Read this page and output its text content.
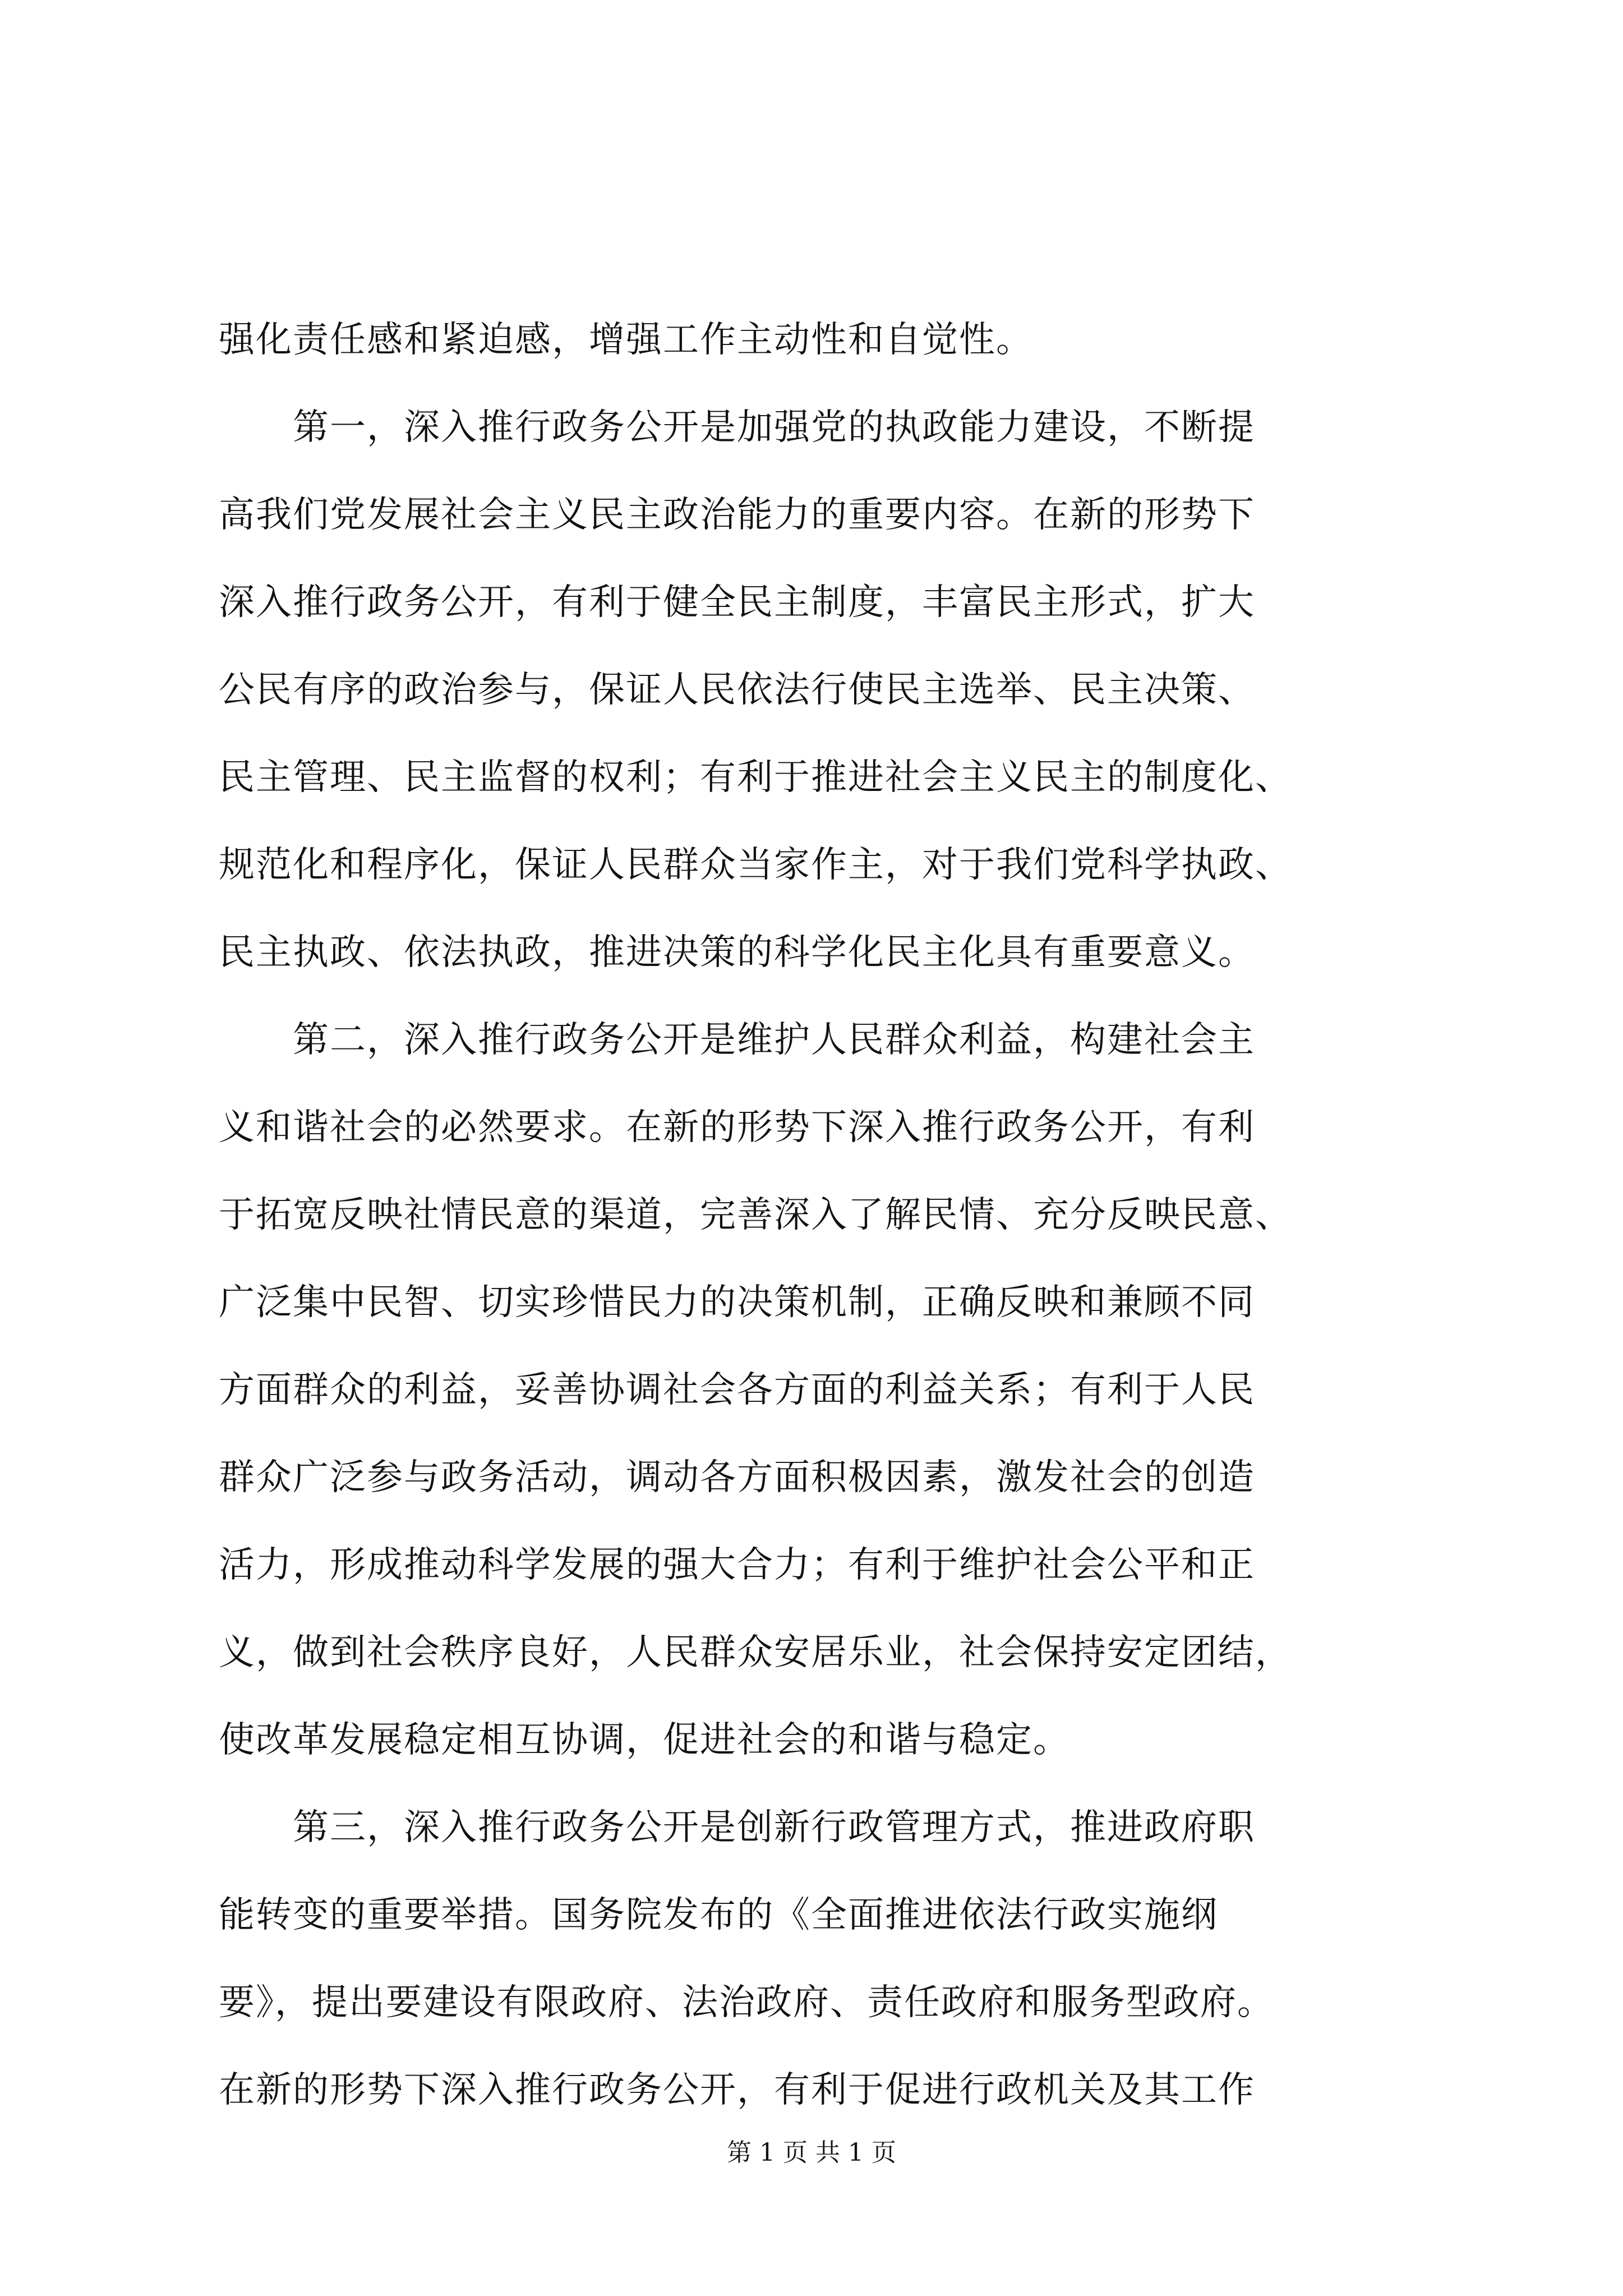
强化责任感和紧迫感，增强工作主动性和自觉性。
　　第一，深入推行政务公开是加强党的执政能力建设，不断提
高我们党发展社会主义民主政治能力的重要内容。在新的形势下
深入推行政务公开，有利于健全民主制度，丰富民主形式，扩大
公民有序的政治参与，保证人民依法行使民主选举、民主决策、
民主管理、民主监督的权利；有利于推进社会主义民主的制度化、
规范化和程序化，保证人民群众当家作主，对于我们党科学执政、
民主执政、依法执政，推进决策的科学化民主化具有重要意义。
　　第二，深入推行政务公开是维护人民群众利益，构建社会主
义和谐社会的必然要求。在新的形势下深入推行政务公开，有利
于拓宽反映社情民意的渠道，完善深入了解民情、充分反映民意、
广泛集中民智、切实珍惜民力的决策机制，正确反映和兼顾不同
方面群众的利益，妥善协调社会各方面的利益关系；有利于人民
群众广泛参与政务活动，调动各方面积极因素，激发社会的创造
活力，形成推动科学发展的强大合力；有利于维护社会公平和正
义，做到社会秩序良好，人民群众安居乐业，社会保持安定团结，
使改革发展稳定相互协调，促进社会的和谐与稳定。
　　第三，深入推行政务公开是创新行政管理方式，推进政府职
能转变的重要举措。国务院发布的《全面推进依法行政实施纲
要》，提出要建设有限政府、法治政府、责任政府和服务型政府。
在新的形势下深入推行政务公开，有利于促进行政机关及其工作
第 1 页 共 1 页
